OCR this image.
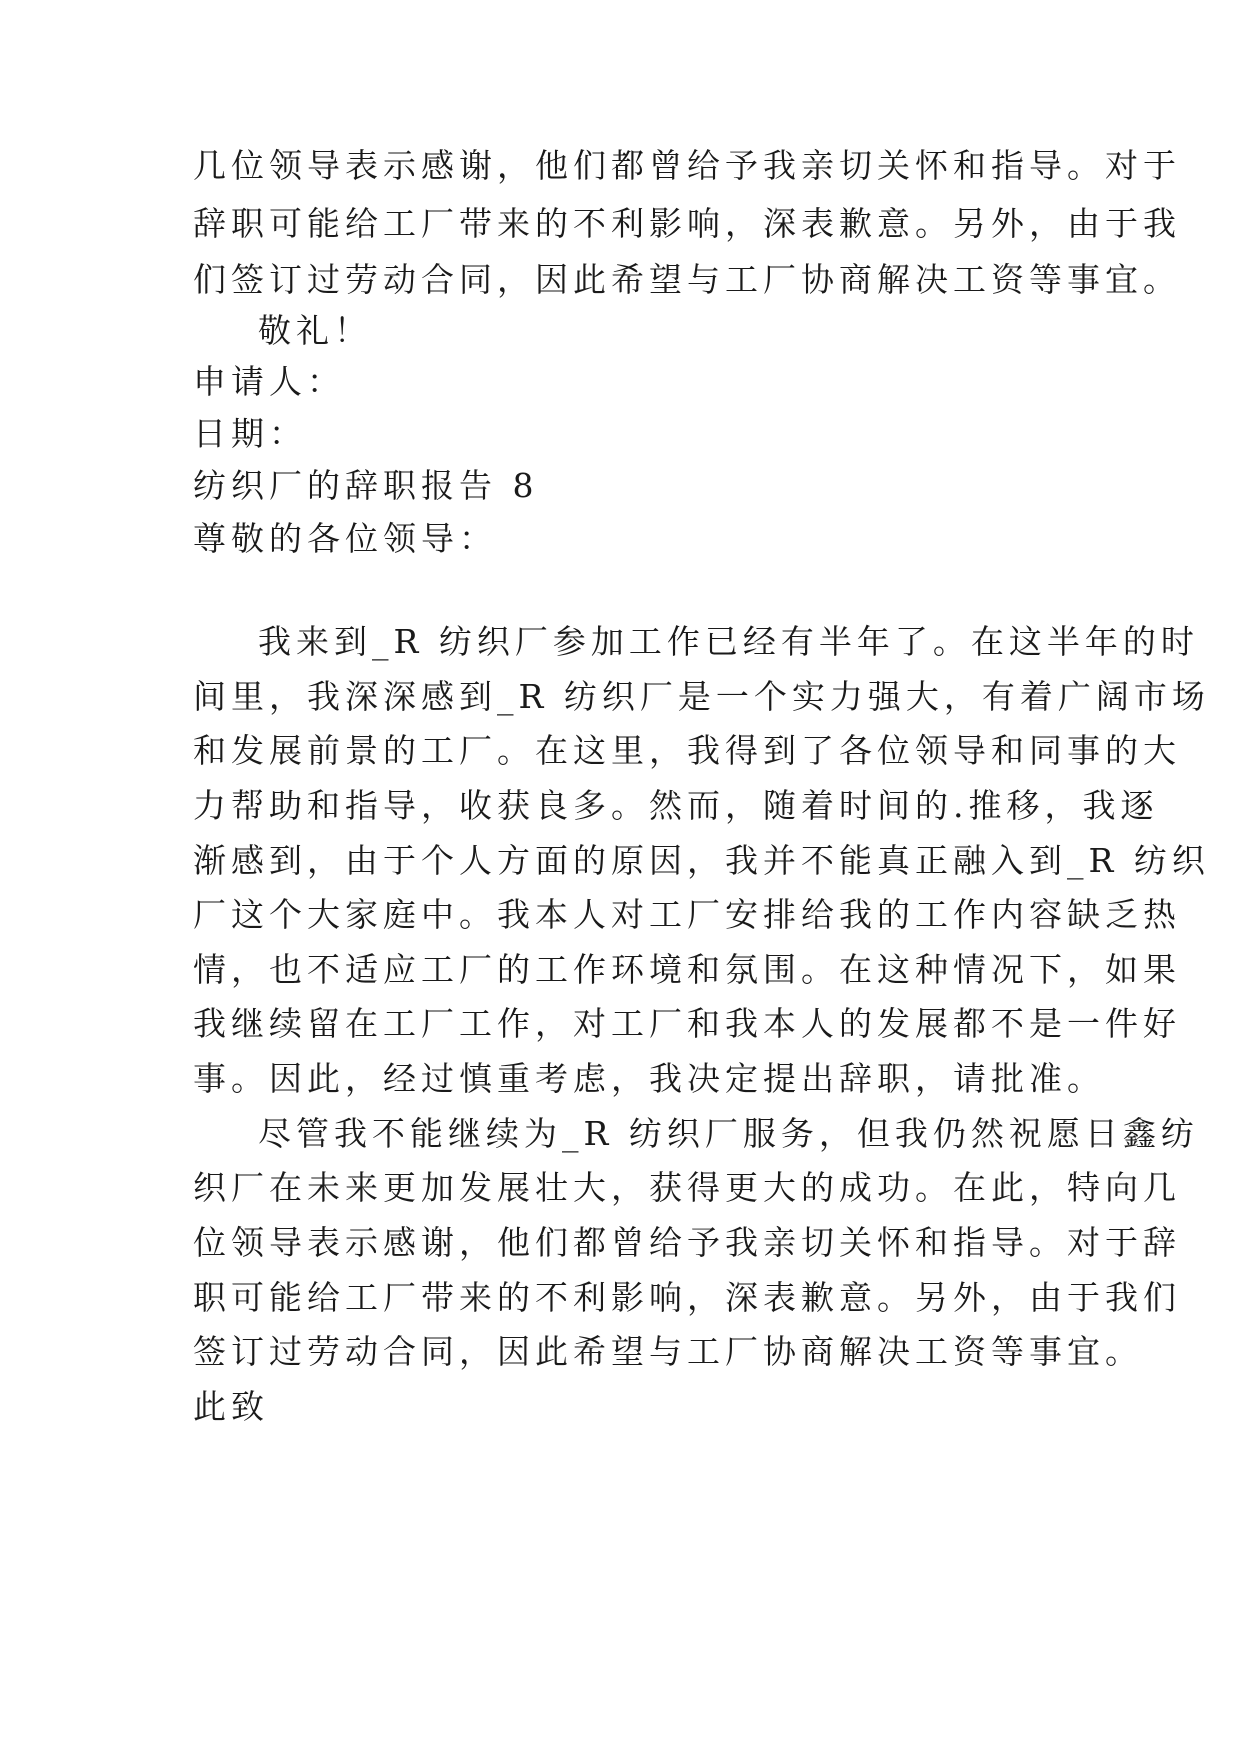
几位领导表示感谢，他们都曾给予我亲切关怀和指导。对于

辞职可能给工厂带来的不利影响，深表歉意。另外，由于我

们签订过劳动合同，因此希望与工厂协商解决工资等事宜。

敬礼！

申请人：

日期：

纺织厂的辞职报告 8

尊敬的各位领导：

我来到_R 纺织厂参加工作已经有半年了。在这半年的时

间里，我深深感到_R 纺织厂是一个实力强大，有着广阔市场

和发展前景的工厂。在这里，我得到了各位领导和同事的大

力帮助和指导，收获良多。然而，随着时间的.推移，我逐

渐感到，由于个人方面的原因，我并不能真正融入到_R 纺织

厂这个大家庭中。我本人对工厂安排给我的工作内容缺乏热

情，也不适应工厂的工作环境和氛围。在这种情况下，如果

我继续留在工厂工作，对工厂和我本人的发展都不是一件好

事。因此，经过慎重考虑，我决定提出辞职，请批准。

尽管我不能继续为_R 纺织厂服务，但我仍然祝愿日鑫纺

织厂在未来更加发展壮大，获得更大的成功。在此，特向几

位领导表示感谢，他们都曾给予我亲切关怀和指导。对于辞

职可能给工厂带来的不利影响，深表歉意。另外，由于我们

签订过劳动合同，因此希望与工厂协商解决工资等事宜。

此致
